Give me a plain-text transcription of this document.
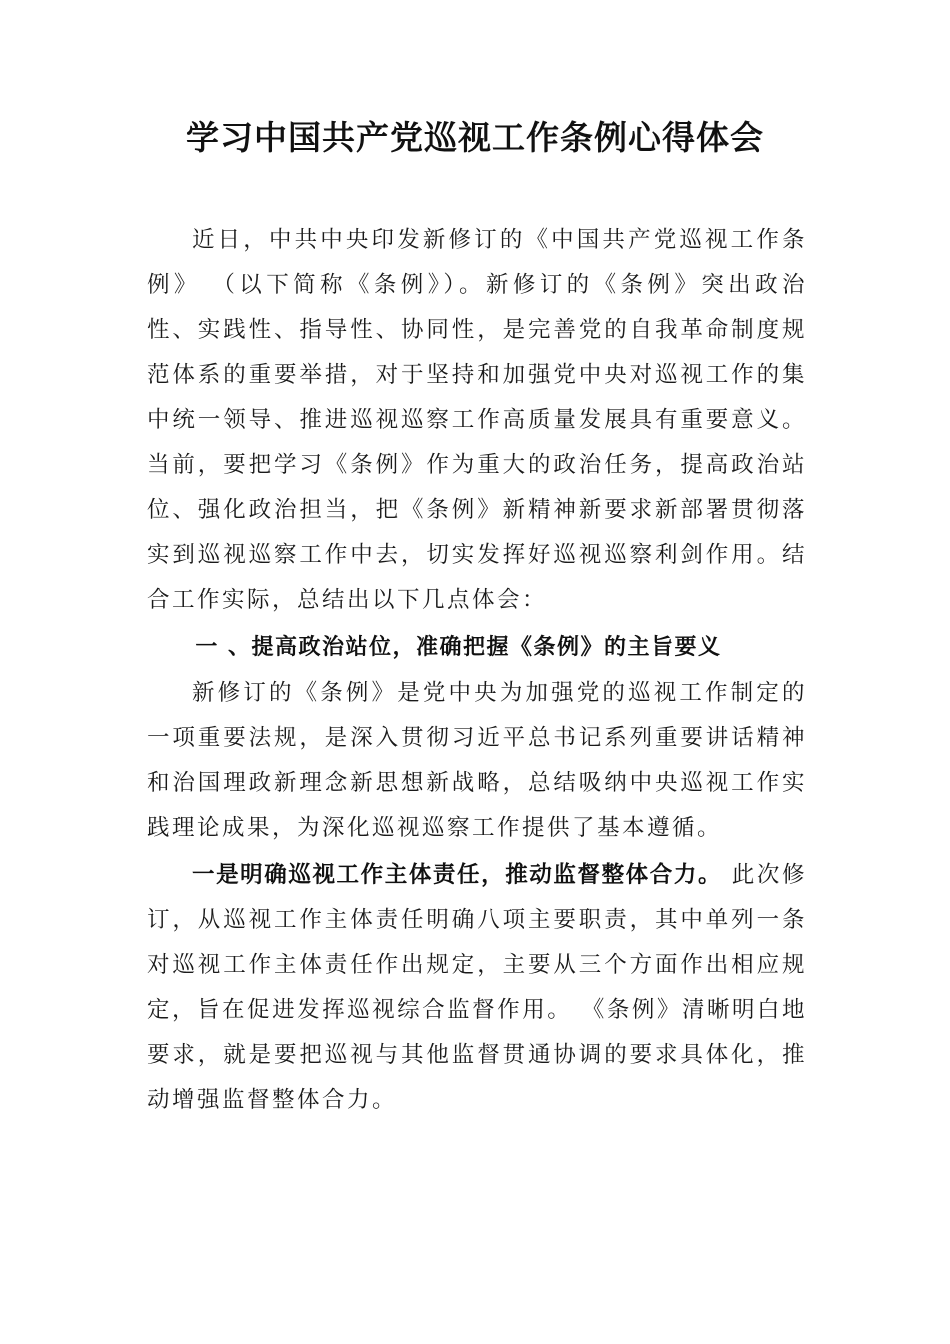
学习中国共产党巡视工作条例心得体会

近日，中共中央印发新修订的《中国共产党巡视工作条例》 （以下简称《条例》）。新修订的《条例》突出政治性、实践性、指导性、协同性，是完善党的自我革命制度规范体系的重要举措，对于坚持和加强党中央对巡视工作的集中统一领导、推进巡视巡察工作高质量发展具有重要意义。当前，要把学习《条例》作为重大的政治任务，提高政治站位、强化政治担当，把《条例》新精神新要求新部署贯彻落实到巡视巡察工作中去，切实发挥好巡视巡察利剑作用。结合工作实际，总结出以下几点体会：

一 、提高政治站位，准确把握《条例》的主旨要义

新修订的《条例》是党中央为加强党的巡视工作制定的一项重要法规，是深入贯彻习近平总书记系列重要讲话精神和治国理政新理念新思想新战略，总结吸纳中央巡视工作实践理论成果，为深化巡视巡察工作提供了基本遵循。

一是明确巡视工作主体责任，推动监督整体合力。 此次修订，从巡视工作主体责任明确八项主要职责，其中单列一条对巡视工作主体责任作出规定，主要从三个方面作出相应规定，旨在促进发挥巡视综合监督作用。 《条例》清晰明白地要求，就是要把巡视与其他监督贯通协调的要求具体化，推动增强监督整体合力。
